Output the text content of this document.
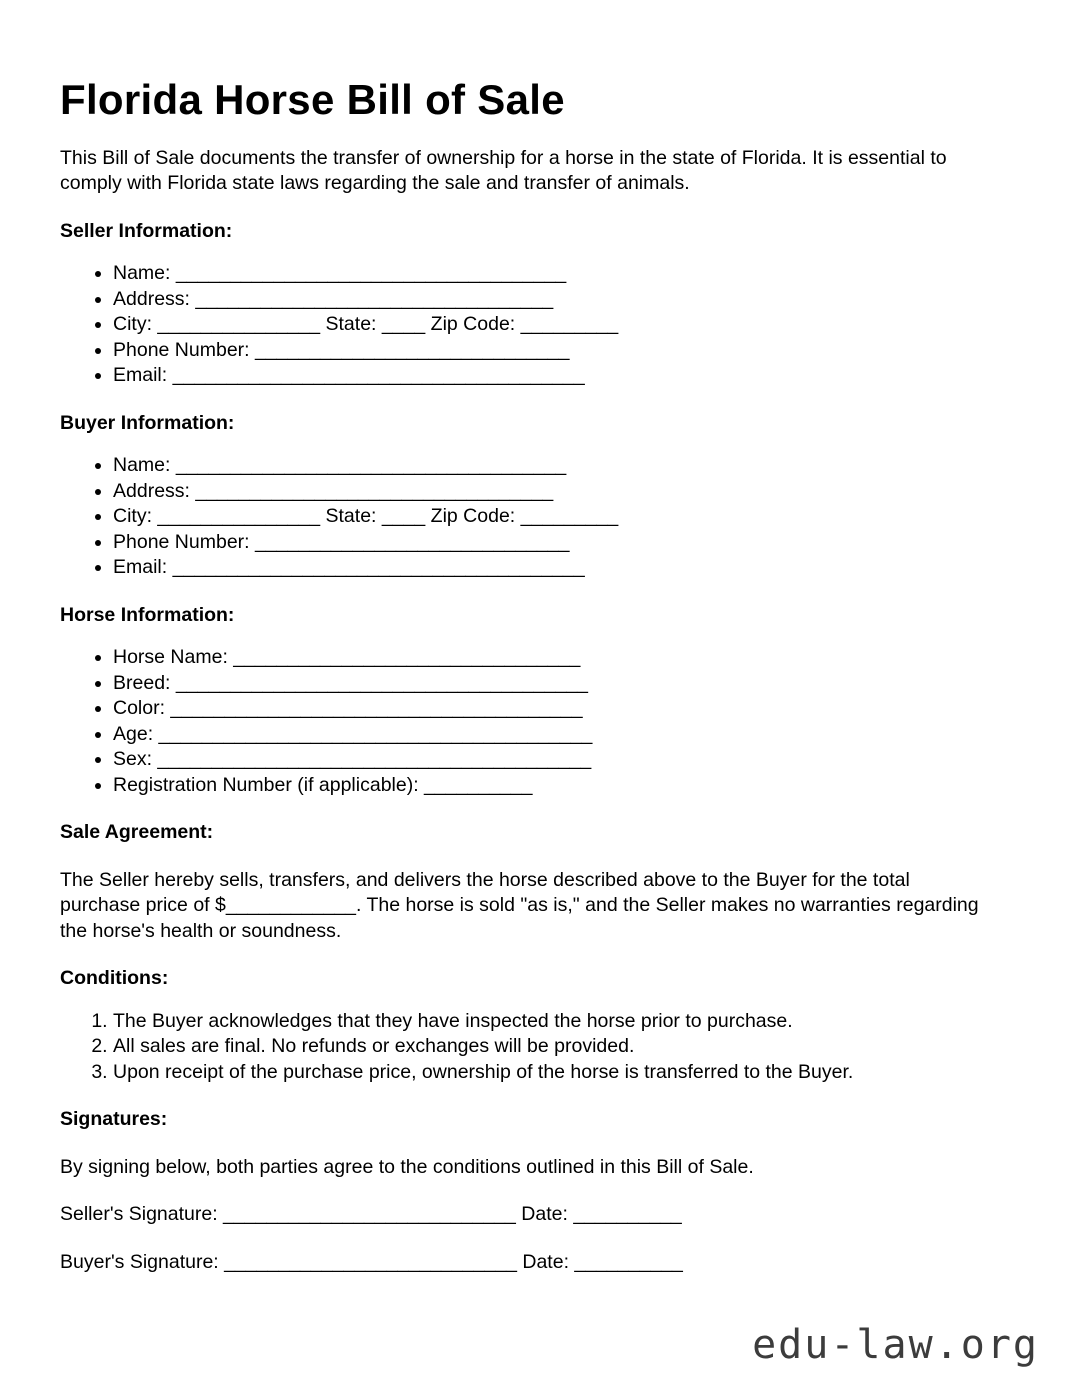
Florida Horse Bill of Sale

This Bill of Sale documents the transfer of ownership for a horse in the state of Florida. It is essential to comply with Florida state laws regarding the sale and transfer of animals.

Seller Information:
• Name: ____________________________________
• Address: _________________________________
• City: _______________ State: ____ Zip Code: _________
• Phone Number: _____________________________
• Email: ______________________________________
Buyer Information:
• Name: ____________________________________
• Address: _________________________________
• City: _______________ State: ____ Zip Code: _________
• Phone Number: _____________________________
• Email: ______________________________________
Horse Information:
• Horse Name: ________________________________
• Breed: ______________________________________
• Color: ______________________________________
• Age: ________________________________________
• Sex: ________________________________________
• Registration Number (if applicable): __________
Sale Agreement:

The Seller hereby sells, transfers, and delivers the horse described above to the Buyer for the total purchase price of $____________. The horse is sold "as is," and the Seller makes no warranties regarding the horse's health or soundness.

Conditions:
1. The Buyer acknowledges that they have inspected the horse prior to purchase.
2. All sales are final. No refunds or exchanges will be provided.
3. Upon receipt of the purchase price, ownership of the horse is transferred to the Buyer.
Signatures:

By signing below, both parties agree to the conditions outlined in this Bill of Sale.

Seller's Signature: ___________________________ Date: __________

Buyer's Signature: ___________________________ Date: __________

edu-law.org
